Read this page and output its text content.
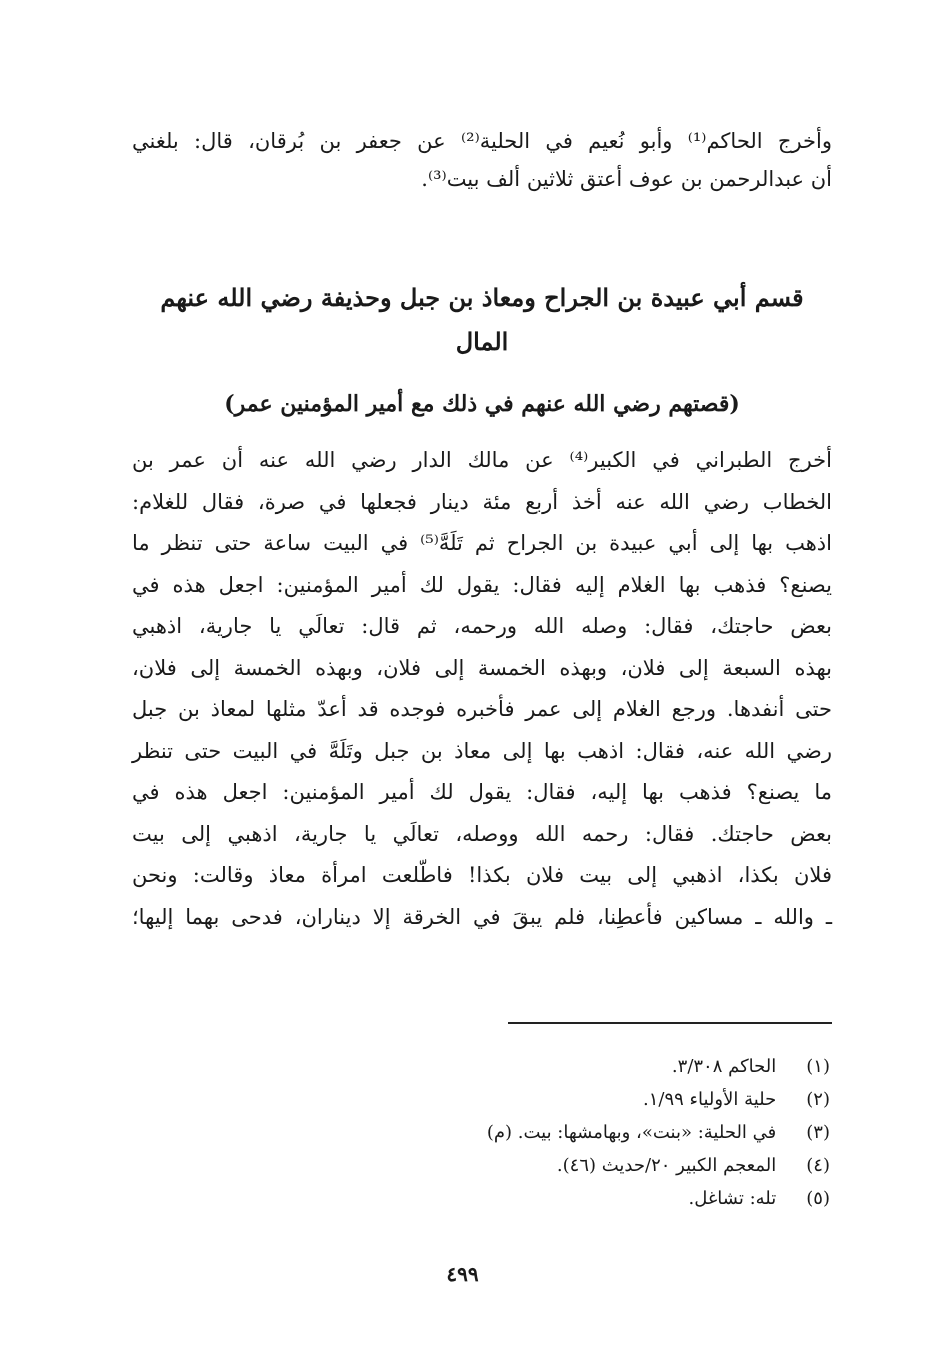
وأخرج الحاكم⁽¹⁾ وأبو نُعيم في الحلية⁽²⁾ عن جعفر بن بُرقان، قال: بلغني
أن عبدالرحمن بن عوف أعتق ثلاثين ألف بيت⁽³⁾.
قسم أبي عبيدة بن الجراح ومعاذ بن جبل وحذيفة رضي الله عنهم
المال
(قصتهم رضي الله عنهم في ذلك مع أمير المؤمنين عمر)
أخرج الطبراني في الكبير⁽⁴⁾ عن مالك الدار رضي الله عنه أن عمر بن
الخطاب رضي الله عنه أخذ أربع مئة دينار فجعلها في صرة، فقال للغلام:
اذهب بها إلى أبي عبيدة بن الجراح ثم تَلَهَّ⁽⁵⁾ في البيت ساعة حتى تنظر ما
يصنع؟ فذهب بها الغلام إليه فقال: يقول لك أمير المؤمنين: اجعل هذه في
بعض حاجتك، فقال: وصله الله ورحمه، ثم قال: تعالَي يا جارية، اذهبي
بهذه السبعة إلى فلان، وبهذه الخمسة إلى فلان، وبهذه الخمسة إلى فلان،
حتى أنفدها. ورجع الغلام إلى عمر فأخبره فوجده قد أعدّ مثلها لمعاذ بن جبل
رضي الله عنه، فقال: اذهب بها إلى معاذ بن جبل وتَلَهَّ في البيت حتى تنظر
ما يصنع؟ فذهب بها إليه، فقال: يقول لك أمير المؤمنين: اجعل هذه في
بعض حاجتك. فقال: رحمه الله ووصله، تعالَي يا جارية، اذهبي إلى بيت
فلان بكذا، اذهبي إلى بيت فلان بكذا! فاطّلعت امرأة معاذ وقالت: ونحن
ـ والله ـ مساكين فأعطِنا، فلم يبقَ في الخرقة إلا ديناران، فدحى بهما إليها؛
(١) الحاكم ٣/٣٠٨.
(٢) حلية الأولياء ١/٩٩.
(٣) في الحلية: «بنت»، وبهامشها: بيت. (م)
(٤) المعجم الكبير ٢٠/حديث (٤٦).
(٥) تله: تشاغل.
٤٩٩
